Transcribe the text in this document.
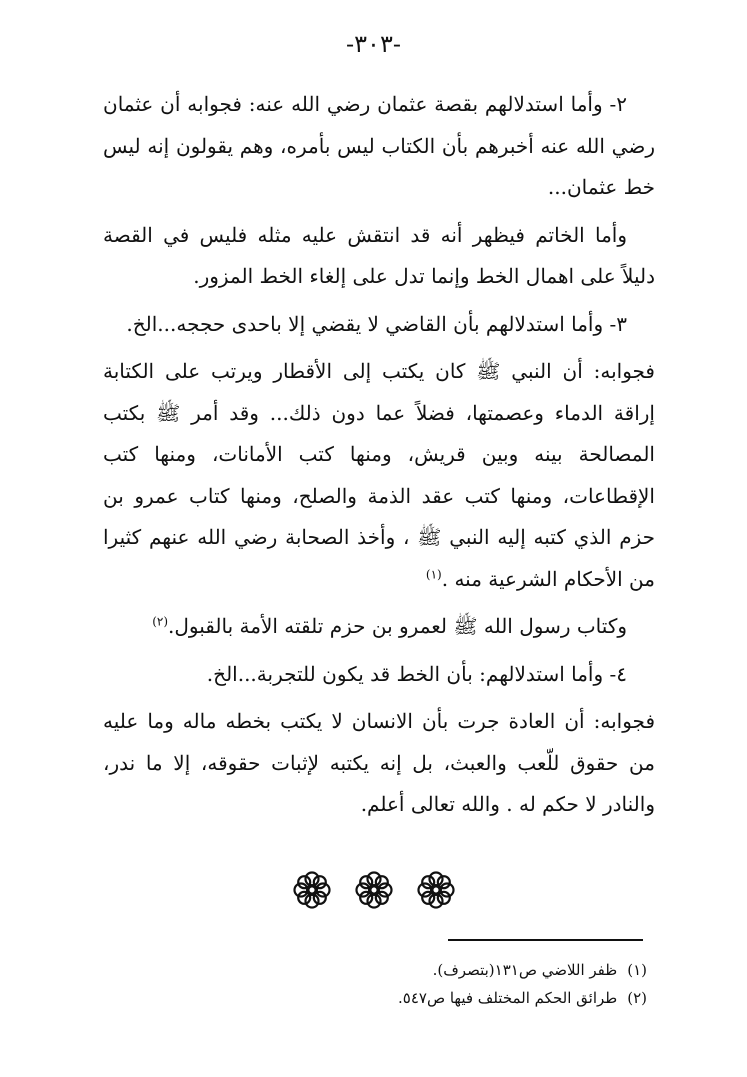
-٣٠٣-

٢- وأما استدلالهم بقصة عثمان رضي الله عنه: فجوابه أن عثمان رضي الله عنه أخبرهم بأن الكتاب ليس بأمره، وهم يقولون إنه ليس خط عثمان...

وأما الخاتم فيظهر أنه قد انتقش عليه مثله فليس في القصة دليلاً على اهمال الخط وإنما تدل على إلغاء الخط المزور.

٣- وأما استدلالهم بأن القاضي لا يقضي إلا باحدى حججه...الخ.

فجوابه: أن النبي ﷺ كان يكتب إلى الأقطار ويرتب على الكتابة إراقة الدماء وعصمتها، فضلاً عما دون ذلك... وقد أمر ﷺ بكتب المصالحة بينه وبين قريش، ومنها كتب الأمانات، ومنها كتب الإقطاعات، ومنها كتب عقد الذمة والصلح، ومنها كتاب عمرو بن حزم الذي كتبه إليه النبي ﷺ ، وأخذ الصحابة رضي الله عنهم كثيرا من الأحكام الشرعية منه .$^{(١)}$

وكتاب رسول الله ﷺ لعمرو بن حزم تلقته الأمة بالقبول.$^{(٢)}$

٤- وأما استدلالهم: بأن الخط قد يكون للتجربة...الخ.

فجوابه: أن العادة جرت بأن الانسان لا يكتب بخطه ماله وما عليه من حقوق للّعب والعبث، بل إنه يكتبه لإثبات حقوقه، إلا ما ندر، والنادر لا حكم له . والله تعالى أعلم.

(١)ظفر اللاضي ص١٣١(بتصرف).
(٢)طرائق الحكم المختلف فيها ص٥٤٧.
